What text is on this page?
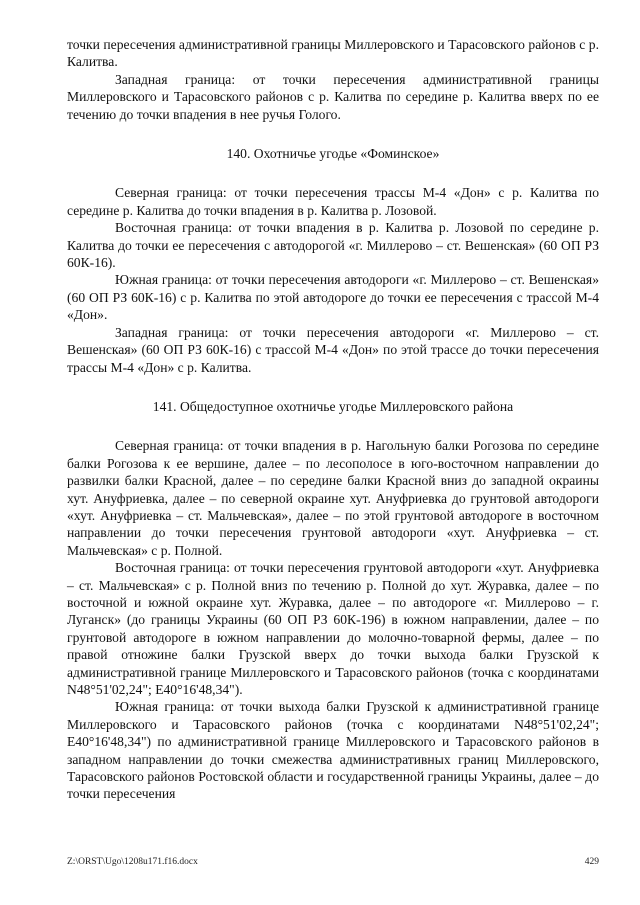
точки пересечения административной границы Миллеровского и Тарасовского районов с р. Калитва.

Западная граница: от точки пересечения административной границы Миллеровского и Тарасовского районов с р. Калитва по середине р. Калитва вверх по ее течению до точки впадения в нее ручья Голого.

140. Охотничье угодье «Фоминское»

Северная граница: от точки пересечения трассы М-4 «Дон» с р. Калитва по середине р. Калитва до точки впадения в р. Калитва р. Лозовой.

Восточная граница: от точки впадения в р. Калитва р. Лозовой по середине р. Калитва до точки ее пересечения с автодорогой «г. Миллерово – ст. Вешенская» (60 ОП РЗ 60К-16).

Южная граница: от точки пересечения автодороги «г. Миллерово – ст. Вешенская» (60 ОП РЗ 60К-16) с р. Калитва по этой автодороге до точки ее пересечения с трассой М-4 «Дон».

Западная граница: от точки пересечения автодороги «г. Миллерово – ст. Вешенская» (60 ОП РЗ 60К-16) с трассой М-4 «Дон» по этой трассе до точки пересечения трассы М-4 «Дон» с р. Калитва.

141. Общедоступное охотничье угодье Миллеровского района

Северная граница: от точки впадения в р. Нагольную балки Рогозова по середине балки Рогозова к ее вершине, далее – по лесополосе в юго-восточном направлении до развилки балки Красной, далее – по середине балки Красной вниз до западной окраины хут. Ануфриевка, далее – по северной окраине хут. Ануфриевка до грунтовой автодороги «хут. Ануфриевка – ст. Мальчевская», далее – по этой грунтовой автодороге в восточном направлении до точки пересечения грунтовой автодороги «хут. Ануфриевка – ст. Мальчевская» с р. Полной.

Восточная граница: от точки пересечения грунтовой автодороги «хут. Ануфриевка – ст. Мальчевская» с р. Полной вниз по течению р. Полной до хут. Журавка, далее – по восточной и южной окраине хут. Журавка, далее – по автодороге «г. Миллерово – г. Луганск» (до границы Украины (60 ОП РЗ 60К-196) в южном направлении, далее – по грунтовой автодороге в южном направлении до молочно-товарной фермы, далее – по правой отножине балки Грузской вверх до точки выхода балки Грузской к административной границе Миллеровского и Тарасовского районов (точка с координатами N48°51'02,24"; E40°16'48,34").

Южная граница: от точки выхода балки Грузской к административной границе Миллеровского и Тарасовского районов (точка с координатами N48°51'02,24"; E40°16'48,34") по административной границе Миллеровского и Тарасовского районов в западном направлении до точки смежества административных границ Миллеровского, Тарасовского районов Ростовской области и государственной границы Украины, далее – до точки пересечения

Z:\ORST\Ugo\1208u171.f16.docx	429
